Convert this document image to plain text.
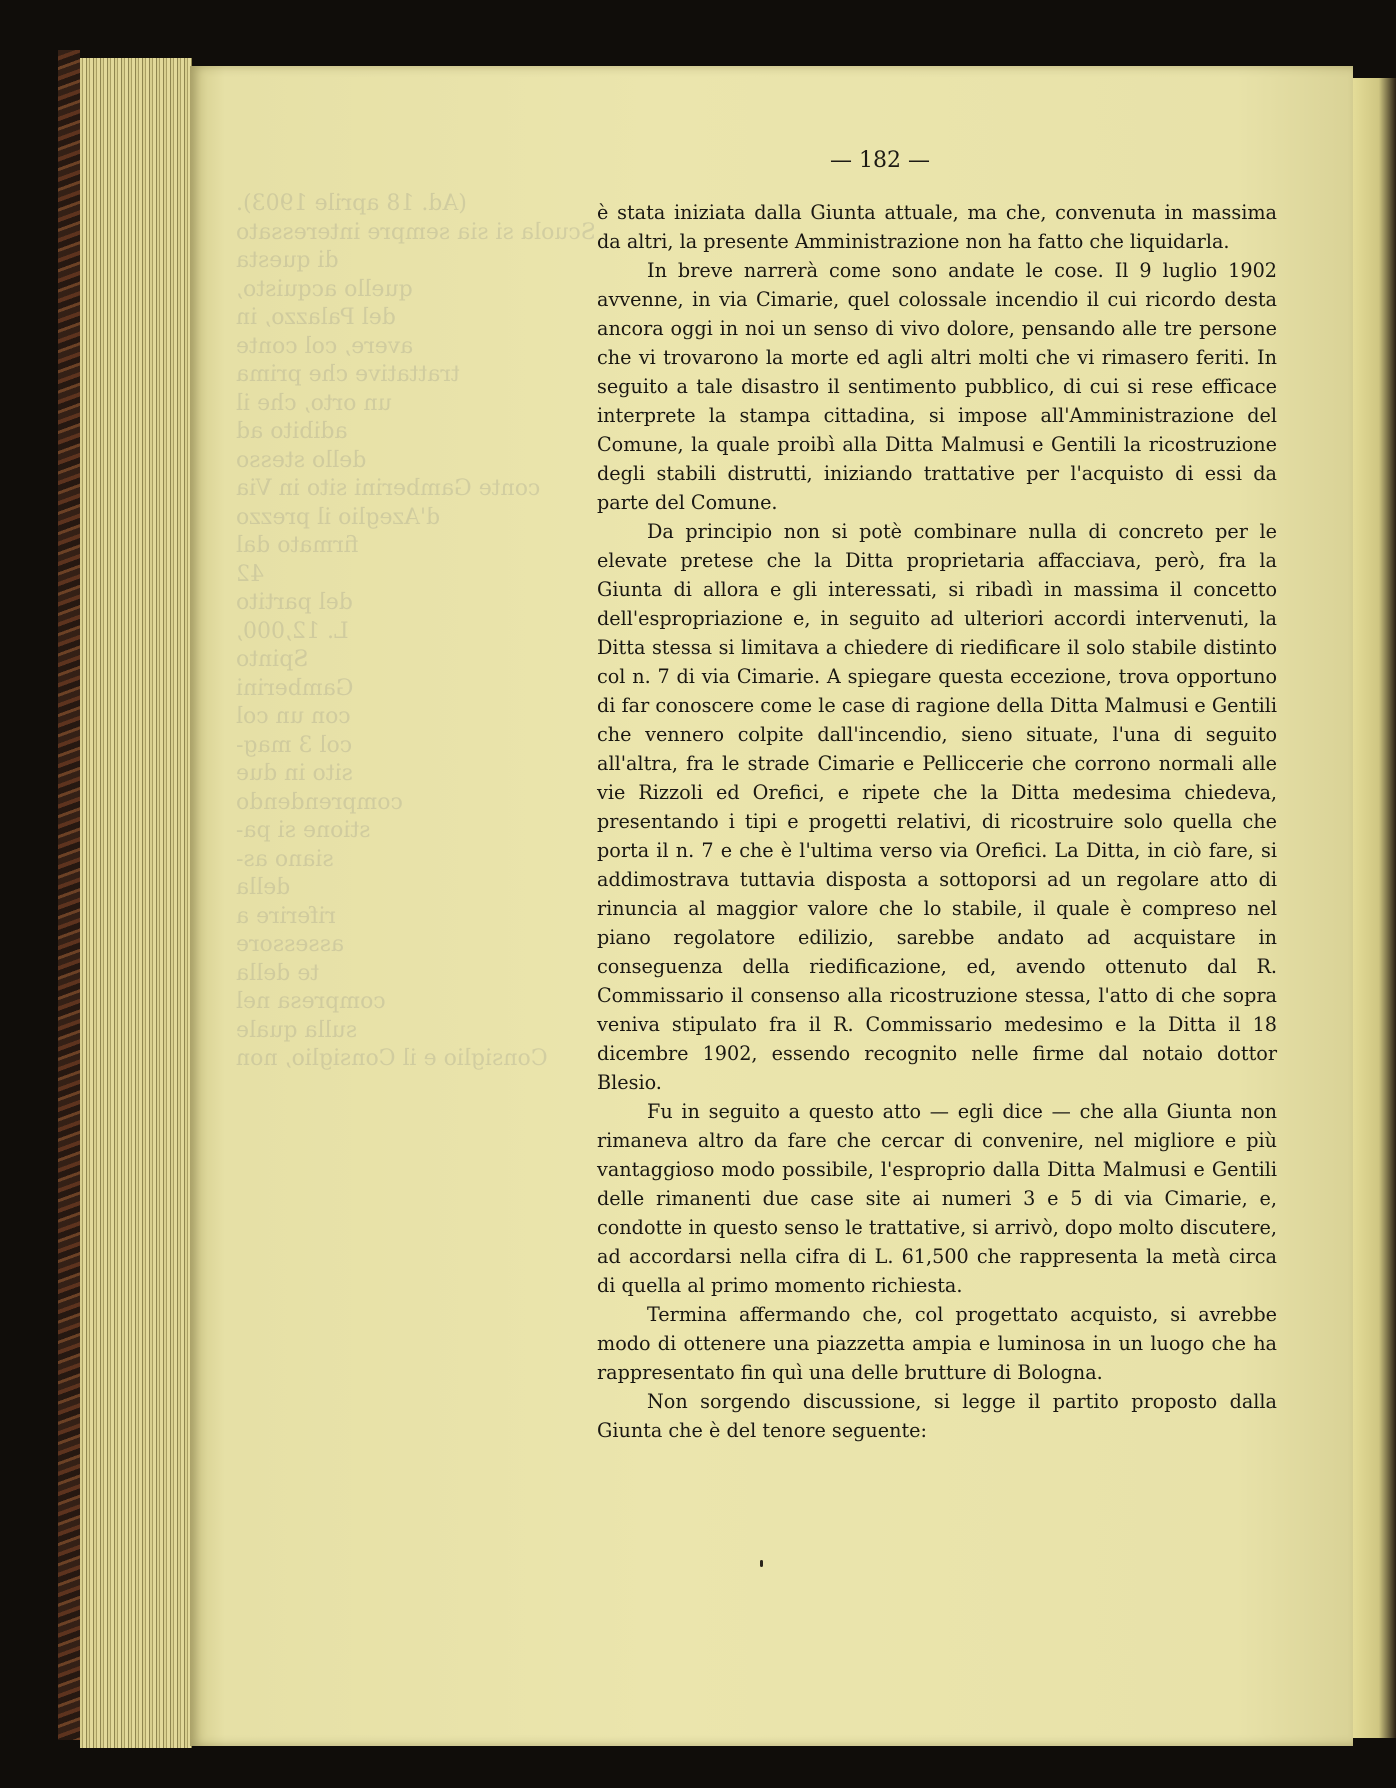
(Ad. 18 aprile 1903).

Scuola si sia sempre interessato di questa

quello acquisto,

del Palazzo, in

avere, col conte

trattative che prima

un orto, che il

adibito ad

dello stesso

conte Gamberini sito in Via d'Azeglio il prezzo

firmato dal

42

del partito

L. 12,000,

Spinto

Gamberini

con un col

col 3 mag-

sito in due

comprendendo

stione si pa-

siano as-

della

riferire a

assessore

te della

compresa nel

sulla quale

Consiglio e il Consiglio, non

— 182 —

è stata iniziata dalla Giunta attuale, ma che, convenuta in massima da altri, la presente Amministrazione non ha fatto che liquidarla.

In breve narrerà come sono andate le cose. Il 9 luglio 1902 avvenne, in via Cimarie, quel colossale incendio il cui ricordo desta ancora oggi in noi un senso di vivo dolore, pensando alle tre persone che vi trovarono la morte ed agli altri molti che vi rimasero feriti. In seguito a tale disastro il sentimento pubblico, di cui si rese efficace interprete la stampa cittadina, si impose all'Amministrazione del Comune, la quale proibì alla Ditta Malmusi e Gentili la ricostruzione degli stabili distrutti, iniziando trattative per l'acquisto di essi da parte del Comune.

Da principio non si potè combinare nulla di concreto per le elevate pretese che la Ditta proprietaria affacciava, però, fra la Giunta di allora e gli interessati, si ribadì in massima il concetto dell'espropriazione e, in seguito ad ulteriori accordi intervenuti, la Ditta stessa si limitava a chiedere di riedificare il solo stabile distinto col n. 7 di via Cimarie. A spiegare questa eccezione, trova opportuno di far conoscere come le case di ragione della Ditta Malmusi e Gentili che vennero colpite dall'incendio, sieno situate, l'una di seguito all'altra, fra le strade Cimarie e Pelliccerie che corrono normali alle vie Rizzoli ed Orefici, e ripete che la Ditta medesima chiedeva, presentando i tipi e progetti relativi, di ricostruire solo quella che porta il n. 7 e che è l'ultima verso via Orefici. La Ditta, in ciò fare, si addimostrava tuttavia disposta a sottoporsi ad un regolare atto di rinuncia al maggior valore che lo stabile, il quale è compreso nel piano regolatore edilizio, sarebbe andato ad acquistare in conseguenza della riedificazione, ed, avendo ottenuto dal R. Commissario il consenso alla ricostruzione stessa, l'atto di che sopra veniva stipulato fra il R. Commissario medesimo e la Ditta il 18 dicembre 1902, essendo recognito nelle firme dal notaio dottor Blesio.

Fu in seguito a questo atto — egli dice — che alla Giunta non rimaneva altro da fare che cercar di convenire, nel migliore e più vantaggioso modo possibile, l'esproprio dalla Ditta Malmusi e Gentili delle rimanenti due case site ai numeri 3 e 5 di via Cimarie, e, condotte in questo senso le trattative, si arrivò, dopo molto discutere, ad accordarsi nella cifra di L. 61,500 che rappresenta la metà circa di quella al primo momento richiesta.

Termina affermando che, col progettato acquisto, si avrebbe modo di ottenere una piazzetta ampia e luminosa in un luogo che ha rappresentato fin quì una delle brutture di Bologna.

Non sorgendo discussione, si legge il partito proposto dalla Giunta che è del tenore seguente:
